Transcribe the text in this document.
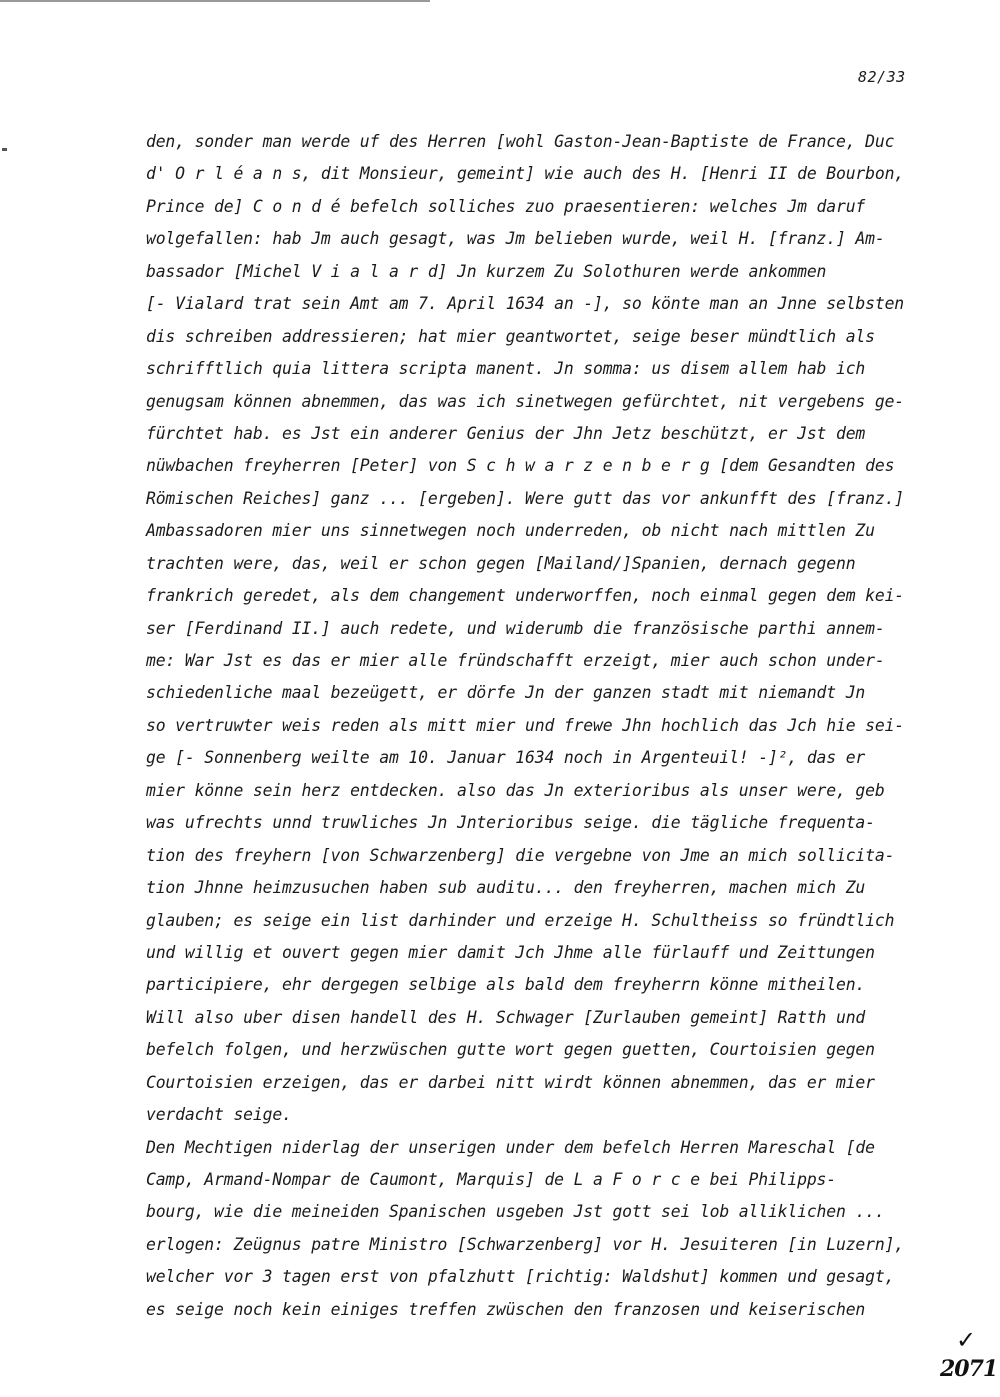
82/33
den, sonder man werde uf des Herren [wohl Gaston-Jean-Baptiste de France, Duc
d' O r l é a n s, dit Monsieur, gemeint] wie auch des H. [Henri II de Bourbon,
Prince de] C o n d é befelch solliches zuo praesentieren: welches Jm daruf
wolgefallen: hab Jm auch gesagt, was Jm belieben wurde, weil H. [franz.] Am-
bassador [Michel V i a l a r d] Jn kurzem Zu Solothuren werde ankommen
[- Vialard trat sein Amt am 7. April 1634 an -], so könte man an Jnne selbsten
dis schreiben addressieren; hat mier geantwortet, seige beser mündtlich als
schrifftlich quia littera scripta manent. Jn somma: us disem allem hab ich
genugsam können abnemmen, das was ich sinetwegen gefürchtet, nit vergebens ge-
fürchtet hab. es Jst ein anderer Genius der Jhn Jetz beschützt, er Jst dem
nüwbachen freyherren [Peter] von S c h w a r z e n b e r g [dem Gesandten des
Römischen Reiches] ganz ... [ergeben]. Were gutt das vor ankunfft des [franz.]
Ambassadoren mier uns sinnetwegen noch underreden, ob nicht nach mittlen Zu
trachten were, das, weil er schon gegen [Mailand/]Spanien, dernach gegenn
frankrich geredet, als dem changement underworffen, noch einmal gegen dem kei-
ser [Ferdinand II.] auch redete, und widerumb die französische parthi annem-
me: War Jst es das er mier alle fründschafft erzeigt, mier auch schon under-
schiedenliche maal bezeügett, er dörfe Jn der ganzen stadt mit niemandt Jn
so vertruwter weis reden als mitt mier und frewe Jhn hochlich das Jch hie sei-
ge [- Sonnenberg weilte am 10. Januar 1634 noch in Argenteuil! -]², das er
mier könne sein herz entdecken. also das Jn exterioribus als unser were, geb
was ufrechts unnd truwliches Jn Jnterioribus seige. die tägliche frequenta-
tion des freyhern [von Schwarzenberg] die vergebne von Jme an mich sollicita-
tion Jhnne heimzusuchen haben sub auditu... den freyherren, machen mich Zu
glauben; es seige ein list darhinder und erzeige H. Schultheiss so fründtlich
und willig et ouvert gegen mier damit Jch Jhme alle fürlauff und Zeittungen
participiere, ehr dergegen selbige als bald dem freyherrn könne mitheilen.
Will also uber disen handell des H. Schwager [Zurlauben gemeint] Ratth und
befelch folgen, und herzwüschen gutte wort gegen guetten, Courtoisien gegen
Courtoisien erzeigen, das er darbei nitt wirdt können abnemmen, das er mier
verdacht seige.
Den Mechtigen niderlag der unserigen under dem befelch Herren Mareschal [de
Camp, Armand-Nompar de Caumont, Marquis] de L a F o r c e bei Philipps-
bourg, wie die meineiden Spanischen usgeben Jst gott sei lob alliklichen ...
erlogen: Zeügnus patre Ministro [Schwarzenberg] vor H. Jesuiteren [in Luzern],
welcher vor 3 tagen erst von pfalzhutt [richtig: Waldshut] kommen und gesagt,
es seige noch kein einiges treffen zwüschen den franzosen und keiserischen
✓
2071
